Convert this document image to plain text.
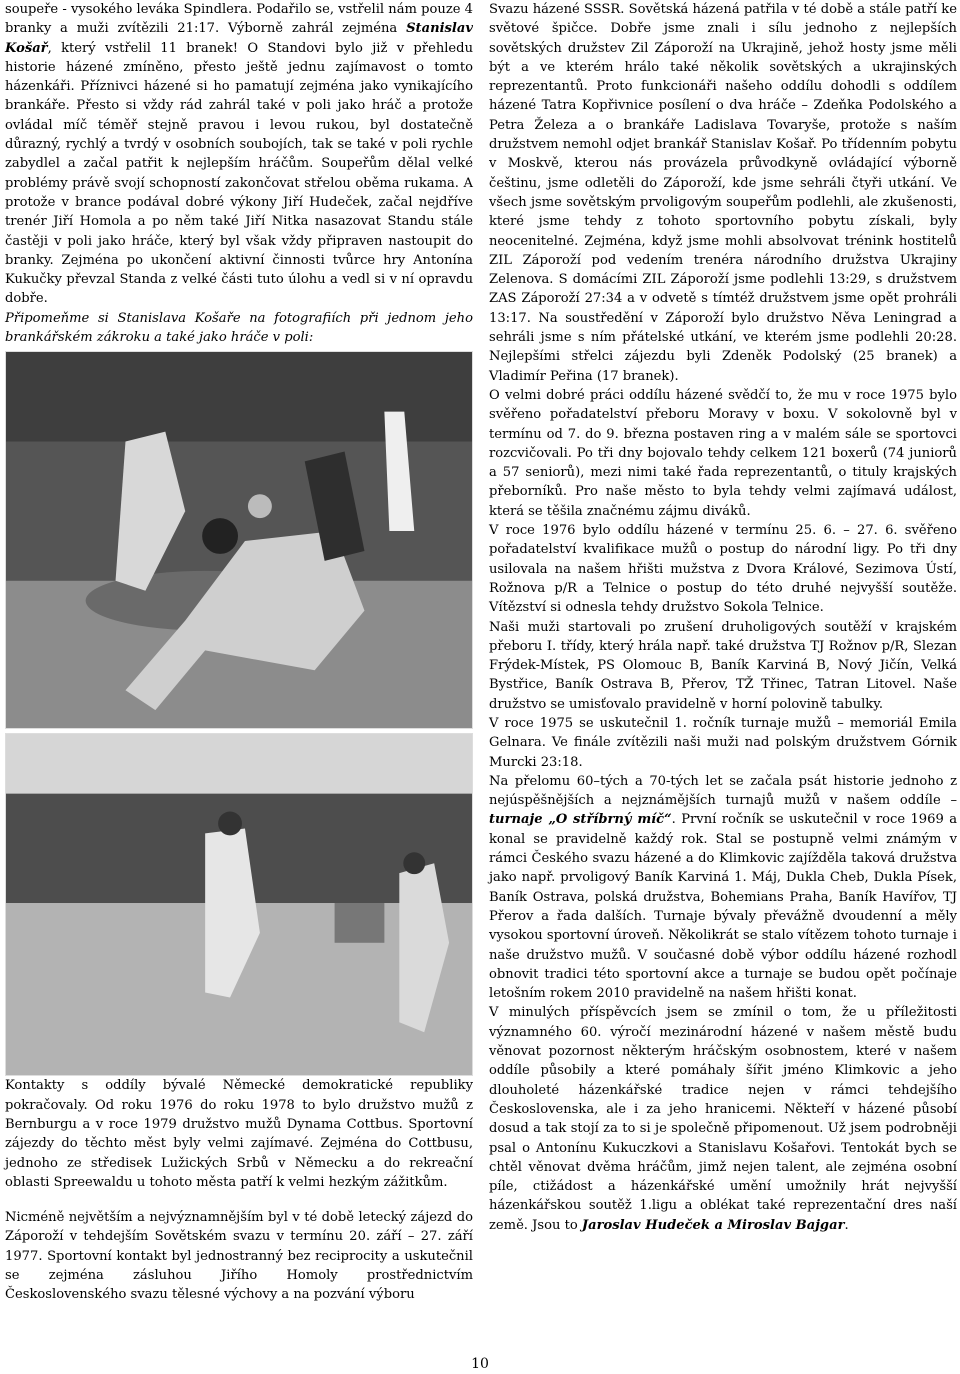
soupeře - vysokého leváka Spindlera. Podařilo se, vstřelil nám pouze 4 branky a muži zvítězili 21:17. Výborně zahrál zejména Stanislav Košař, který vstřelil 11 branek! O Standovi bylo již v přehledu historie házené zmíněno, přesto ještě jednu zajímavost o tomto házenkáři. Příznivci házené si ho pamatují zejména jako vynikajícího brankáře. Přesto si vždy rád zahrál také v poli jako hráč a protože ovládal míč téměř stejně pravou i levou rukou, byl dostatečně důrazný, rychlý a tvrdý v osobních soubojích, tak se také v poli rychle zabydlel a začal patřit k nejlepším hráčům. Soupeřům dělal velké problémy právě svojí schopností zakončovat střelou oběma rukama. A protože v brance podával dobré výkony Jiří Hudeček, začal nejdříve trenér Jiří Homola a po něm také Jiří Nitka nasazovat Standu stále častěji v poli jako hráče, který byl však vždy připraven nastoupit do branky. Zejména po ukončení aktivní činnosti tvůrce hry Antonína Kukučky převzal Standa z velké části tuto úlohu a vedl si v ní opravdu dobře.

Připomeňme si Stanislava Košaře na fotografiích při jednom jeho brankářském zákroku a také jako hráče v poli:

Kontakty s oddíly bývalé Německé demokratické republiky pokračovaly. Od roku 1976 do roku 1978 to bylo družstvo mužů z Bernburgu a v roce 1979 družstvo mužů Dynama Cottbus. Sportovní zájezdy do těchto měst byly velmi zajímavé. Zejména do Cottbusu, jednoho ze středisek Lužických Srbů v Německu a do rekreační oblasti Spreewaldu u tohoto města patří k velmi hezkým zážitkům.

Nicméně největším a nejvýznamnějším byl v té době letecký zájezd do Záporoží v tehdejším Sovětském svazu v termínu 20. září – 27. září 1977. Sportovní kontakt byl jednostranný bez reciprocity a uskutečnil se zejména zásluhou Jiřího Homoly prostřednictvím Československého svazu tělesné výchovy a na pozvání výboru

Svazu házené SSSR. Sovětská házená patřila v té době a stále patří ke světové špičce. Dobře jsme znali i sílu jednoho z nejlepších sovětských družstev Zil Záporoží na Ukrajině, jehož hosty jsme měli být a ve kterém hrálo také několik sovětských a ukrajinských reprezentantů. Proto funkcionáři našeho oddílu dohodli s oddílem házené Tatra Kopřivnice posílení o dva hráče – Zdeňka Podolského a Petra Železa a o brankáře Ladislava Tovaryše, protože s naším družstvem nemohl odjet brankář Stanislav Košař. Po třídenním pobytu v Moskvě, kterou nás provázela průvodkyně ovládající výborně češtinu, jsme odletěli do Záporoží, kde jsme sehráli čtyři utkání. Ve všech jsme sovětským prvoligovým soupeřům podlehli, ale zkušenosti, které jsme tehdy z tohoto sportovního pobytu získali, byly neocenitelné. Zejména, když jsme mohli absolvovat trénink hostitelů ZIL Záporoží pod vedením trenéra národního družstva Ukrajiny Zelenova. S domácími ZIL Záporoží jsme podlehli 13:29, s družstvem ZAS Záporoží 27:34 a v odvetě s tímtéž družstvem jsme opět prohráli 13:17. Na soustředění v Záporoží bylo družstvo Něva Leningrad a sehráli jsme s ním přátelské utkání, ve kterém jsme podlehli 20:28. Nejlepšími střelci zájezdu byli Zdeněk Podolský (25 branek) a Vladimír Peřina (17 branek).

O velmi dobré práci oddílu házené svědčí to, že mu v roce 1975 bylo svěřeno pořadatelství přeboru Moravy v boxu. V sokolovně byl v termínu od 7. do 9. března postaven ring a v malém sále se sportovci rozcvičovali. Po tři dny bojovalo tehdy celkem 121 boxerů (74 juniorů a 57 seniorů), mezi nimi také řada reprezentantů, o tituly krajských přeborníků. Pro naše město to byla tehdy velmi zajímavá událost, která se těšila značnému zájmu diváků.

V roce 1976 bylo oddílu házené v termínu 25. 6. – 27. 6. svěřeno pořadatelství kvalifikace mužů o postup do národní ligy. Po tři dny usilovala na našem hřišti mužstva z Dvora Králové, Sezimova Ústí, Rožnova p/R a Telnice o postup do této druhé nejvyšší soutěže. Vítězství si odnesla tehdy družstvo Sokola Telnice.

Naši muži startovali po zrušení druholigových soutěží v krajském přeboru I. třídy, který hrála např. také družstva TJ Rožnov p/R, Slezan Frýdek-Místek, PS Olomouc B, Baník Karviná B, Nový Jičín, Velká Bystřice, Baník Ostrava B, Přerov, TŽ Třinec, Tatran Litovel. Naše družstvo se umisťovalo pravidelně v horní polovině tabulky.

V roce 1975 se uskutečnil 1. ročník turnaje mužů – memoriál Emila Gelnara. Ve finále zvítězili naši muži nad polským družstvem Górnik Murcki 23:18.

Na přelomu 60–tých a 70-tých let se začala psát historie jednoho z nejúspěšnějších a nejznámějších turnajů mužů v našem oddíle – turnaje „O stříbrný míč“. První ročník se uskutečnil v roce 1969 a konal se pravidelně každý rok. Stal se postupně velmi známým v rámci Českého svazu házené a do Klimkovic zajížděla taková družstva jako např. prvoligový Baník Karviná 1. Máj, Dukla Cheb, Dukla Písek, Baník Ostrava, polská družstva, Bohemians Praha, Baník Havířov, TJ Přerov a řada dalších. Turnaje bývaly převážně dvoudenní a měly vysokou sportovní úroveň. Několikrát se stalo vítězem tohoto turnaje i naše družstvo mužů. V současné době výbor oddílu házené rozhodl obnovit tradici této sportovní akce a turnaje se budou opět počínaje letošním rokem 2010 pravidelně na našem hřišti konat.

V minulých příspěvcích jsem se zmínil o tom, že u příležitosti významného 60. výročí mezinárodní házené v našem městě budu věnovat pozornost některým hráčským osobnostem, které v našem oddíle působily a které pomáhaly šířit jméno Klimkovic a jeho dlouholeté házenkářské tradice nejen v rámci tehdejšího Československa, ale i za jeho hranicemi. Někteří v házené působí dosud a tak stojí za to si je společně připomenout. Už jsem podrobněji psal o Antonínu Kukuczkovi a Stanislavu Košařovi. Tentokát bych se chtěl věnovat dvěma hráčům, jimž nejen talent, ale zejména osobní píle, ctižádost a házenkářské umění umožnily hrát nejvyšší házenkářskou soutěž 1.ligu a oblékat také reprezentační dres naší země. Jsou to Jaroslav Hudeček a Miroslav Bajgar.

10
